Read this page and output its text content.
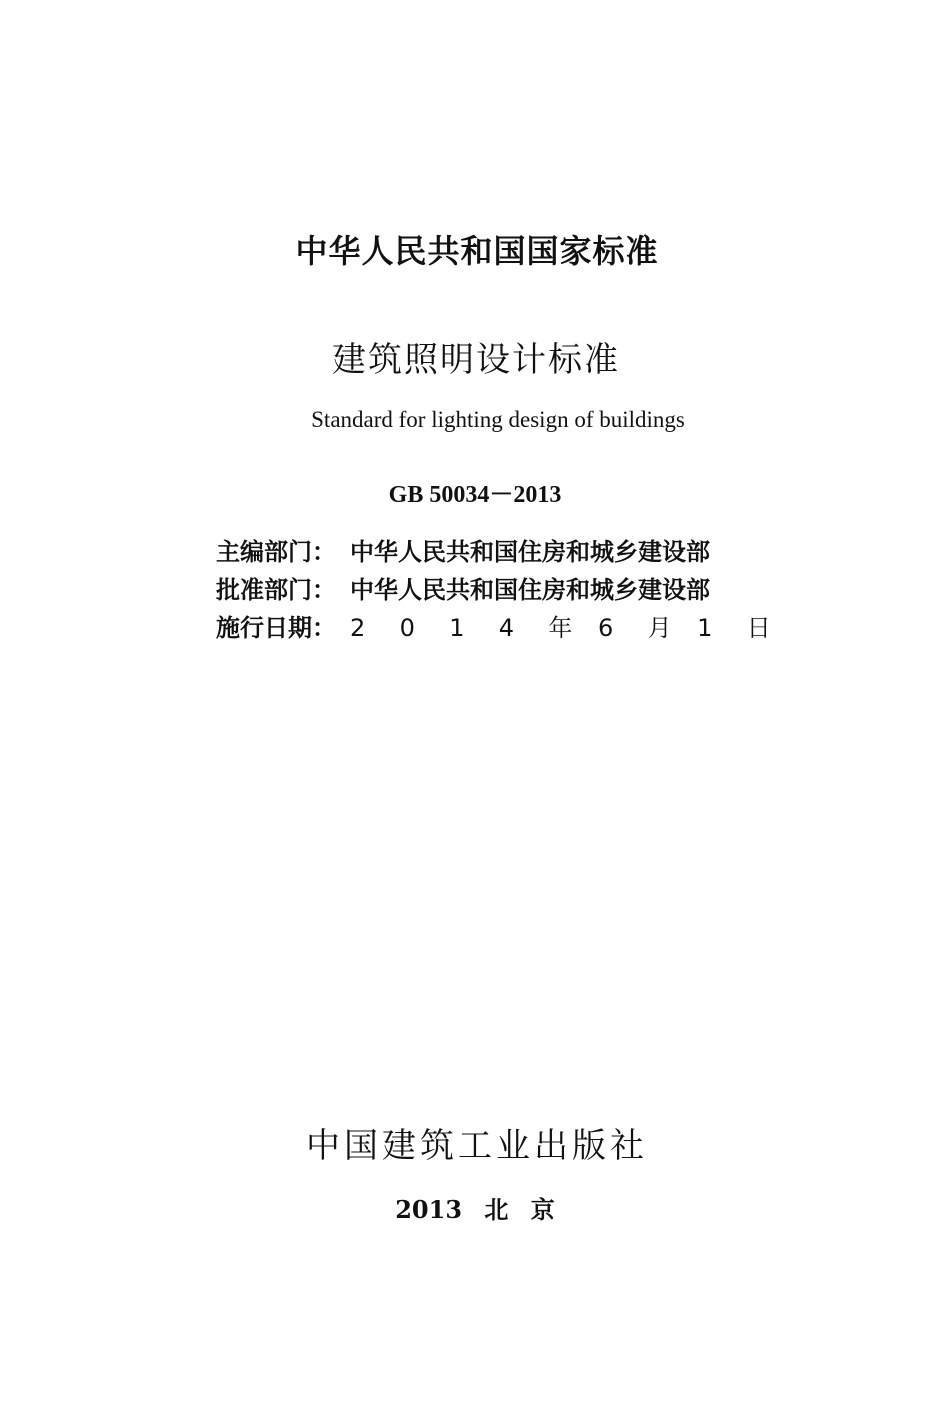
中华人民共和国国家标准
建筑照明设计标准
Standard for lighting design of buildings
GB 50034－2013
主编部门： 中华人民共和国住房和城乡建设部
批准部门： 中华人民共和国住房和城乡建设部
施行日期： 2	0	1	4	年	6	月	1	日
中国建筑工业出版社
2013 北 京
